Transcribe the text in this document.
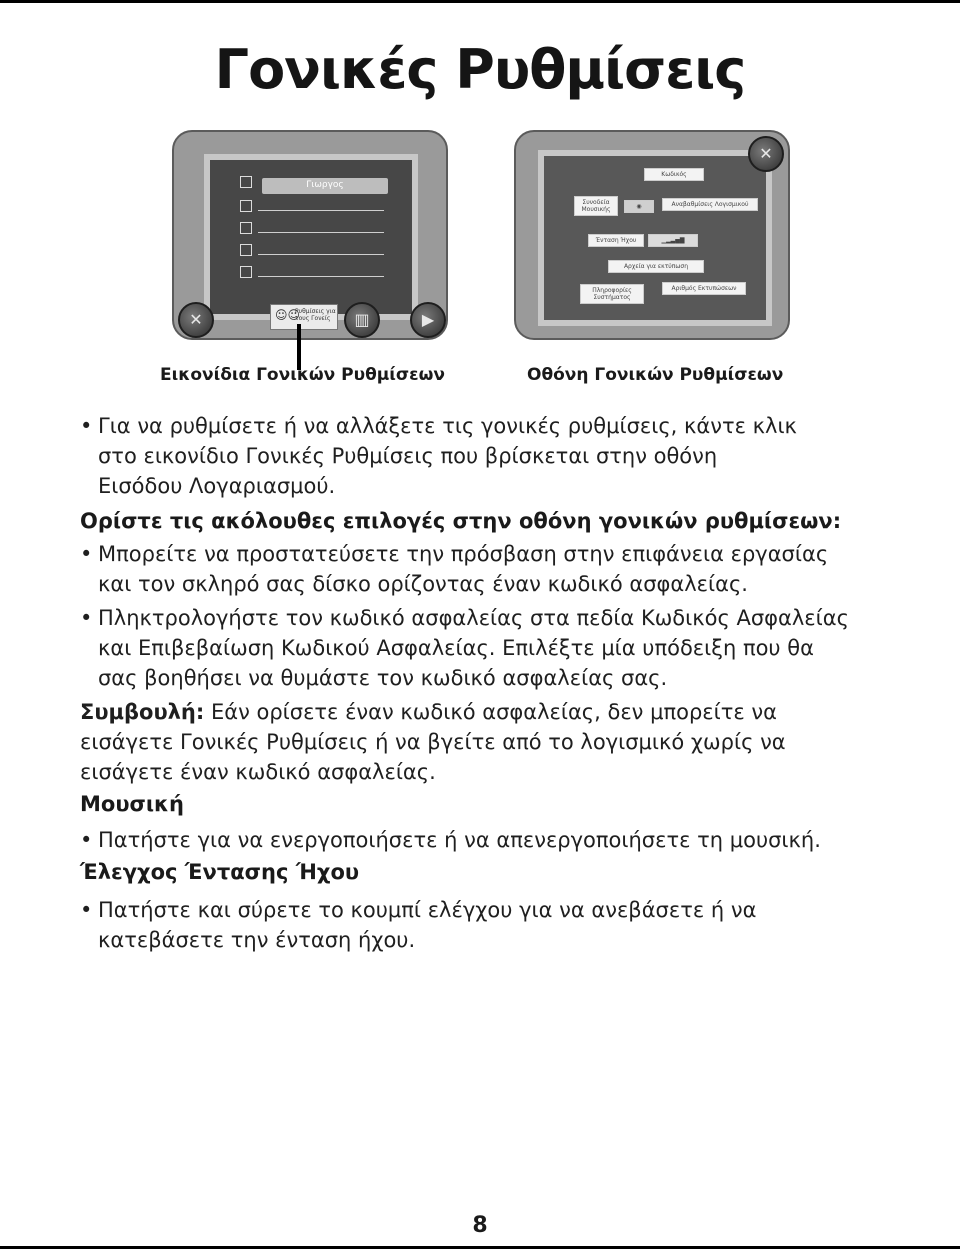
Γονικές Ρυθμίσεις
Γιωργος
✕	☺☺
Ρυθμίσεις για τους Γονείς	▥	▶
Κωδικός
Συνοδεία Μουσικής	◉	Αναβαθμίσεις Λογισμικού
Ένταση Ήχου	▁▂▃▅▇
Αρχεία για εκτύπωση
Πληροφορίες Συστήματος
Αριθμός Εκτυπώσεων
✕
Εικονίδια Γονικών Ρυθμίσεων	Οθόνη Γονικών Ρυθμίσεων
• Για να ρυθμίσετε ή να αλλάξετε τις γονικές ρυθμίσεις, κάντε κλικ
στο εικονίδιο Γονικές Ρυθμίσεις που βρίσκεται στην οθόνη
Εισόδου Λογαριασμού.
Ορίστε τις ακόλουθες επιλογές στην οθόνη γονικών ρυθμίσεων:
• Μπορείτε να προστατεύσετε την πρόσβαση στην επιφάνεια εργασίας
και τον σκληρό σας δίσκο ορίζοντας έναν κωδικό ασφαλείας.
• Πληκτρολογήστε τον κωδικό ασφαλείας στα πεδία Κωδικός Ασφαλείας
και Επιβεβαίωση Κωδικού Ασφαλείας. Επιλέξτε μία υπόδειξη που θα
σας βοηθήσει να θυμάστε τον κωδικό ασφαλείας σας.
Συμβουλή: Εάν ορίσετε έναν κωδικό ασφαλείας, δεν μπορείτε να
εισάγετε Γονικές Ρυθμίσεις ή να βγείτε από το λογισμικό χωρίς να
εισάγετε έναν κωδικό ασφαλείας.
Μουσική
• Πατήστε για να ενεργοποιήσετε ή να απενεργοποιήσετε τη μουσική.
Έλεγχος Έντασης Ήχου
• Πατήστε και σύρετε το κουμπί ελέγχου για να ανεβάσετε ή να
κατεβάσετε την ένταση ήχου.
8
